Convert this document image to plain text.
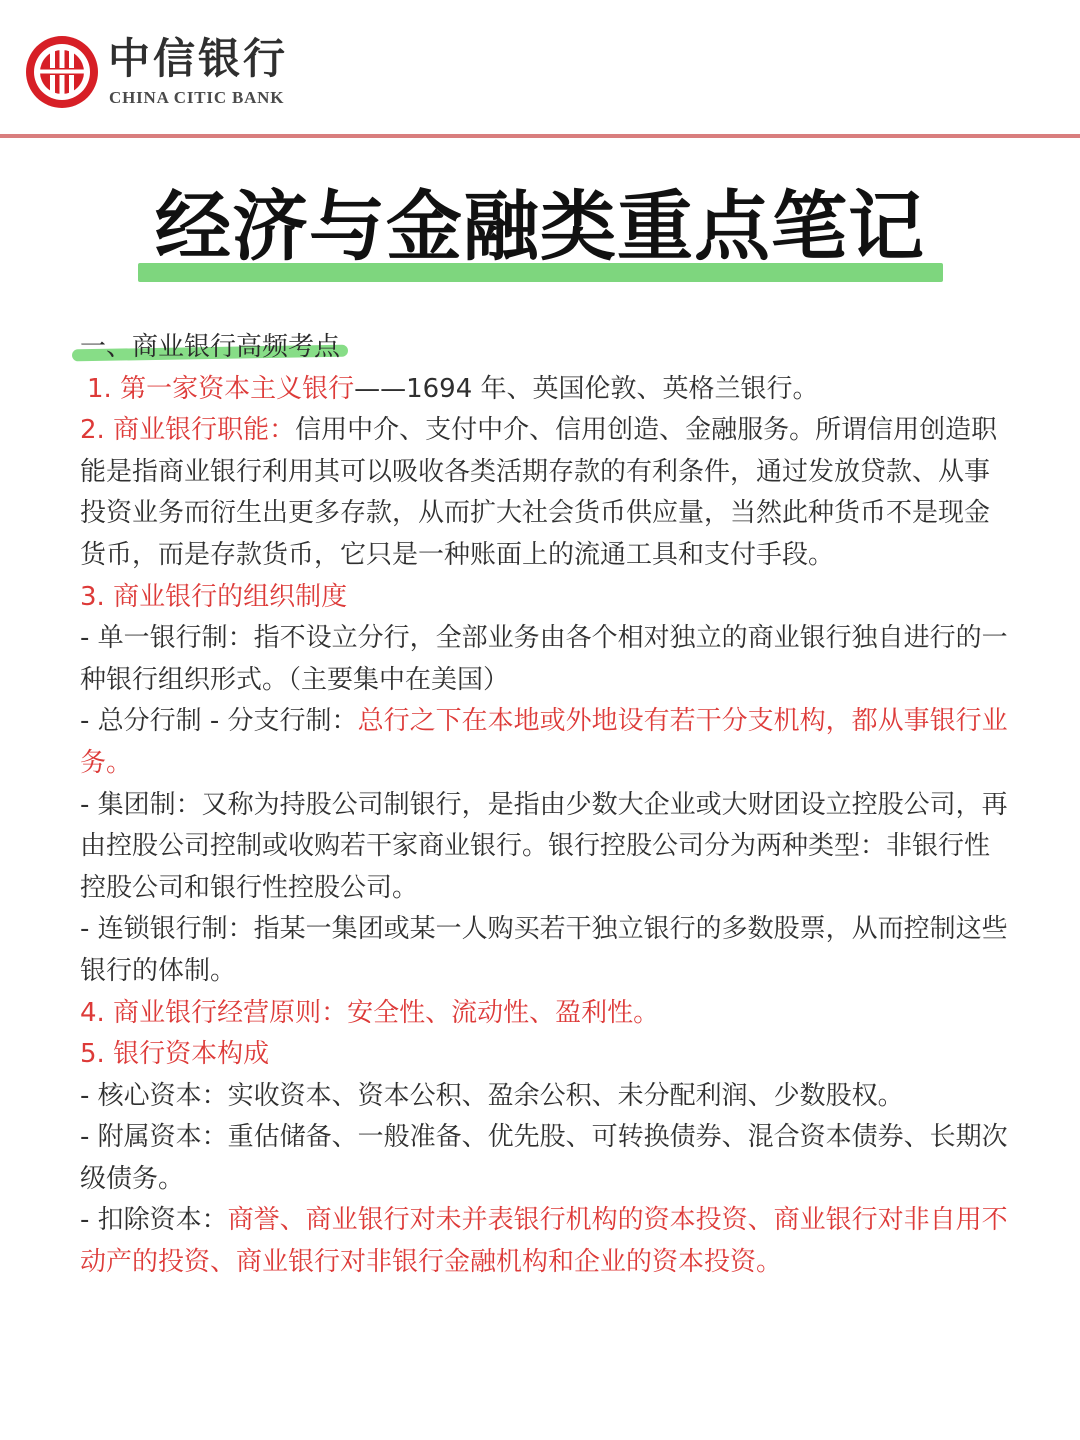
中信银行
CHINA CITIC BANK
经济与金融类重点笔记
一、商业银行高频考点

1. 第一家资本主义银行——1694 年、英国伦敦、英格兰银行。

2. 商业银行职能：信用中介、支付中介、信用创造、金融服务。所谓信用创造职能是指商业银行利用其可以吸收各类活期存款的有利条件，通过发放贷款、从事投资业务而衍生出更多存款，从而扩大社会货币供应量，当然此种货币不是现金货币，而是存款货币，它只是一种账面上的流通工具和支付手段。

3. 商业银行的组织制度

- 单一银行制：指不设立分行，全部业务由各个相对独立的商业银行独自进行的一种银行组织形式。（主要集中在美国）

- 总分行制 - 分支行制：总行之下在本地或外地设有若干分支机构，都从事银行业务。

- 集团制：又称为持股公司制银行，是指由少数大企业或大财团设立控股公司，再由控股公司控制或收购若干家商业银行。银行控股公司分为两种类型：非银行性控股公司和银行性控股公司。

- 连锁银行制：指某一集团或某一人购买若干独立银行的多数股票，从而控制这些银行的体制。

4. 商业银行经营原则：安全性、流动性、盈利性。

5. 银行资本构成

- 核心资本：实收资本、资本公积、盈余公积、未分配利润、少数股权。

- 附属资本：重估储备、一般准备、优先股、可转换债券、混合资本债券、长期次级债务。

- 扣除资本：商誉、商业银行对未并表银行机构的资本投资、商业银行对非自用不动产的投资、商业银行对非银行金融机构和企业的资本投资。
